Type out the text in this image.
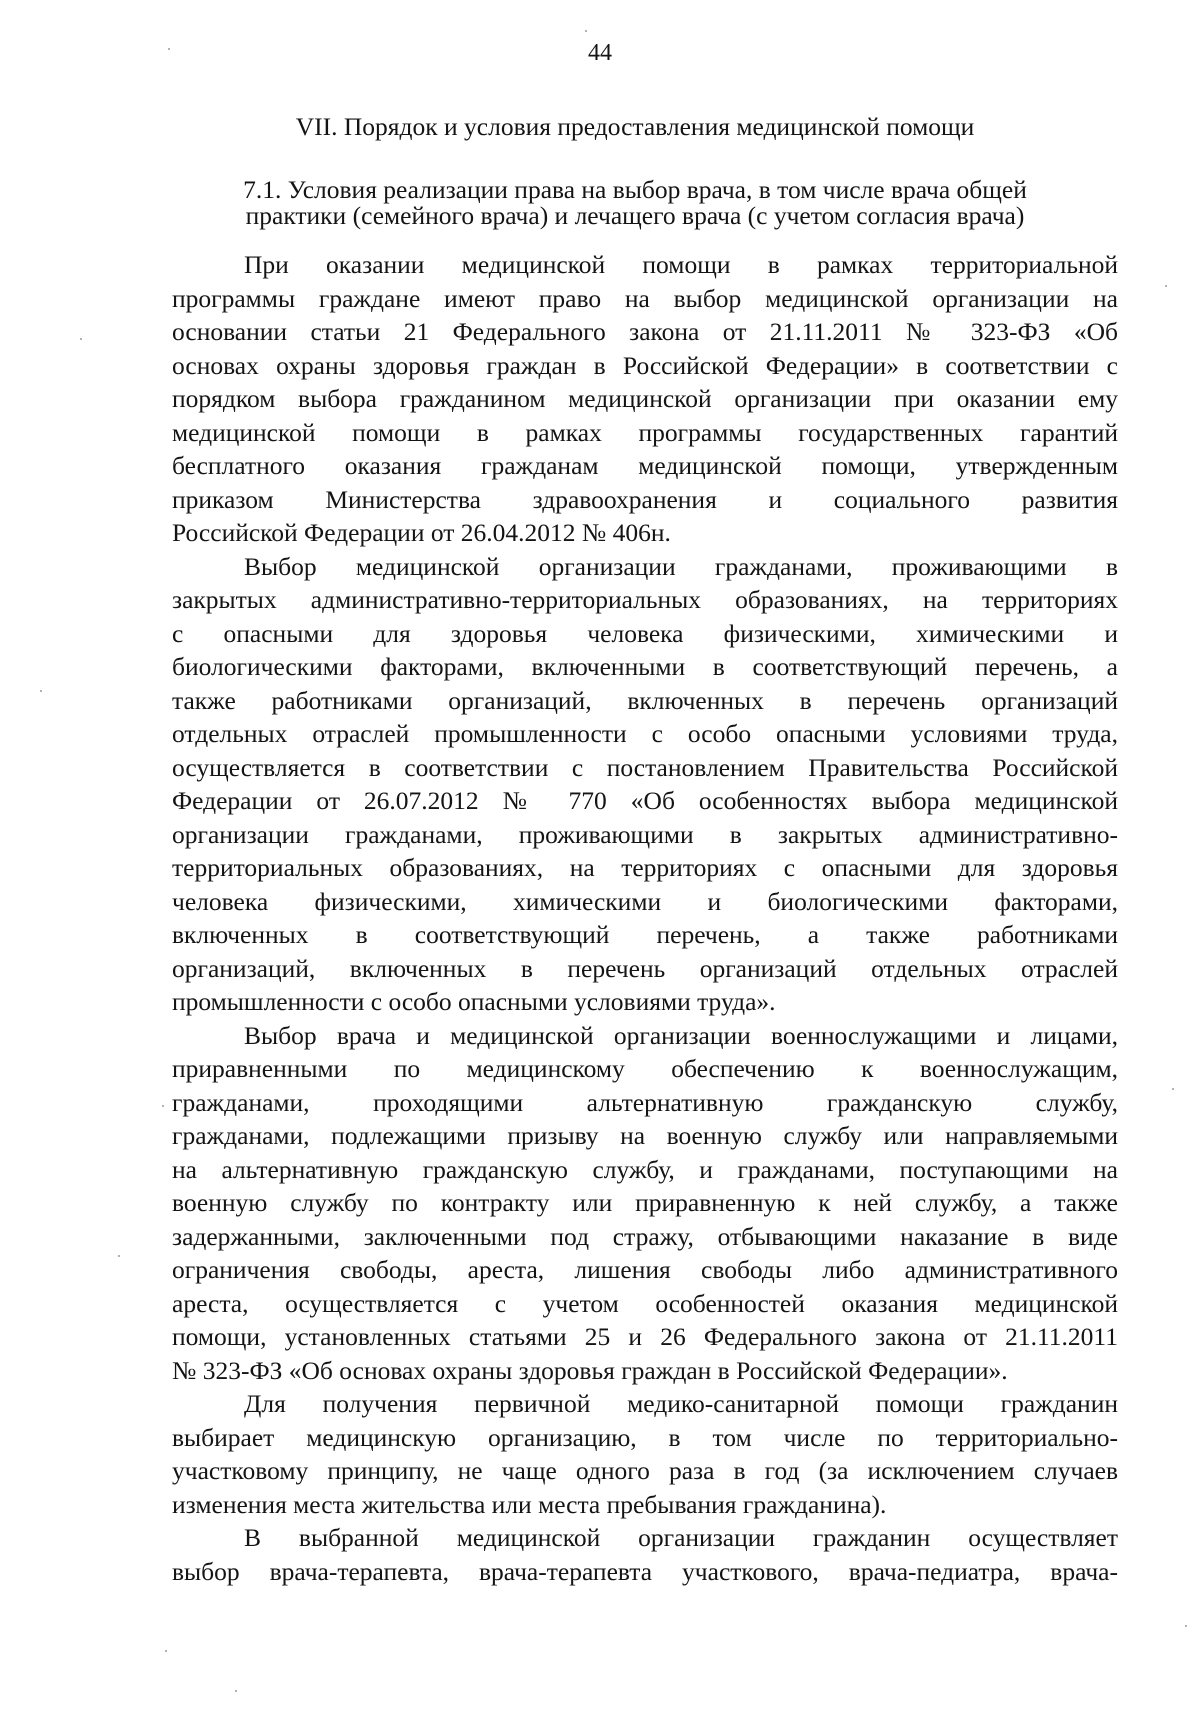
44
VII. Порядок и условия предоставления медицинской помощи
7.1. Условия реализации права на выбор врача, в том числе врача общей
практики (семейного врача) и лечащего врача (с учетом согласия врача)
При оказании медицинской помощи в рамках территориальной
программы граждане имеют право на выбор медицинской организации на
основании статьи 21 Федерального закона от 21.11.2011 № 323-ФЗ «Об
основах охраны здоровья граждан в Российской Федерации» в соответствии с
порядком выбора гражданином медицинской организации при оказании ему
медицинской помощи в рамках программы государственных гарантий
бесплатного оказания гражданам медицинской помощи, утвержденным
приказом Министерства здравоохранения и социального развития
Российской Федерации от 26.04.2012 № 406н.
Выбор медицинской организации гражданами, проживающими в
закрытых административно-территориальных образованиях, на территориях
с опасными для здоровья человека физическими, химическими и
биологическими факторами, включенными в соответствующий перечень, а
также работниками организаций, включенных в перечень организаций
отдельных отраслей промышленности с особо опасными условиями труда,
осуществляется в соответствии с постановлением Правительства Российской
Федерации от 26.07.2012 № 770 «Об особенностях выбора медицинской
организации гражданами, проживающими в закрытых административно-
территориальных образованиях, на территориях с опасными для здоровья
человека физическими, химическими и биологическими факторами,
включенных в соответствующий перечень, а также работниками
организаций, включенных в перечень организаций отдельных отраслей
промышленности с особо опасными условиями труда».
Выбор врача и медицинской организации военнослужащими и лицами,
приравненными по медицинскому обеспечению к военнослужащим,
гражданами, проходящими альтернативную гражданскую службу,
гражданами, подлежащими призыву на военную службу или направляемыми
на альтернативную гражданскую службу, и гражданами, поступающими на
военную службу по контракту или приравненную к ней службу, а также
задержанными, заключенными под стражу, отбывающими наказание в виде
ограничения свободы, ареста, лишения свободы либо административного
ареста, осуществляется с учетом особенностей оказания медицинской
помощи, установленных статьями 25 и 26 Федерального закона от 21.11.2011
№ 323-ФЗ «Об основах охраны здоровья граждан в Российской Федерации».
Для получения первичной медико-санитарной помощи гражданин
выбирает медицинскую организацию, в том числе по территориально-
участковому принципу, не чаще одного раза в год (за исключением случаев
изменения места жительства или места пребывания гражданина).
В выбранной медицинской организации гражданин осуществляет
выбор врача-терапевта, врача-терапевта участкового, врача-педиатра, врача-
